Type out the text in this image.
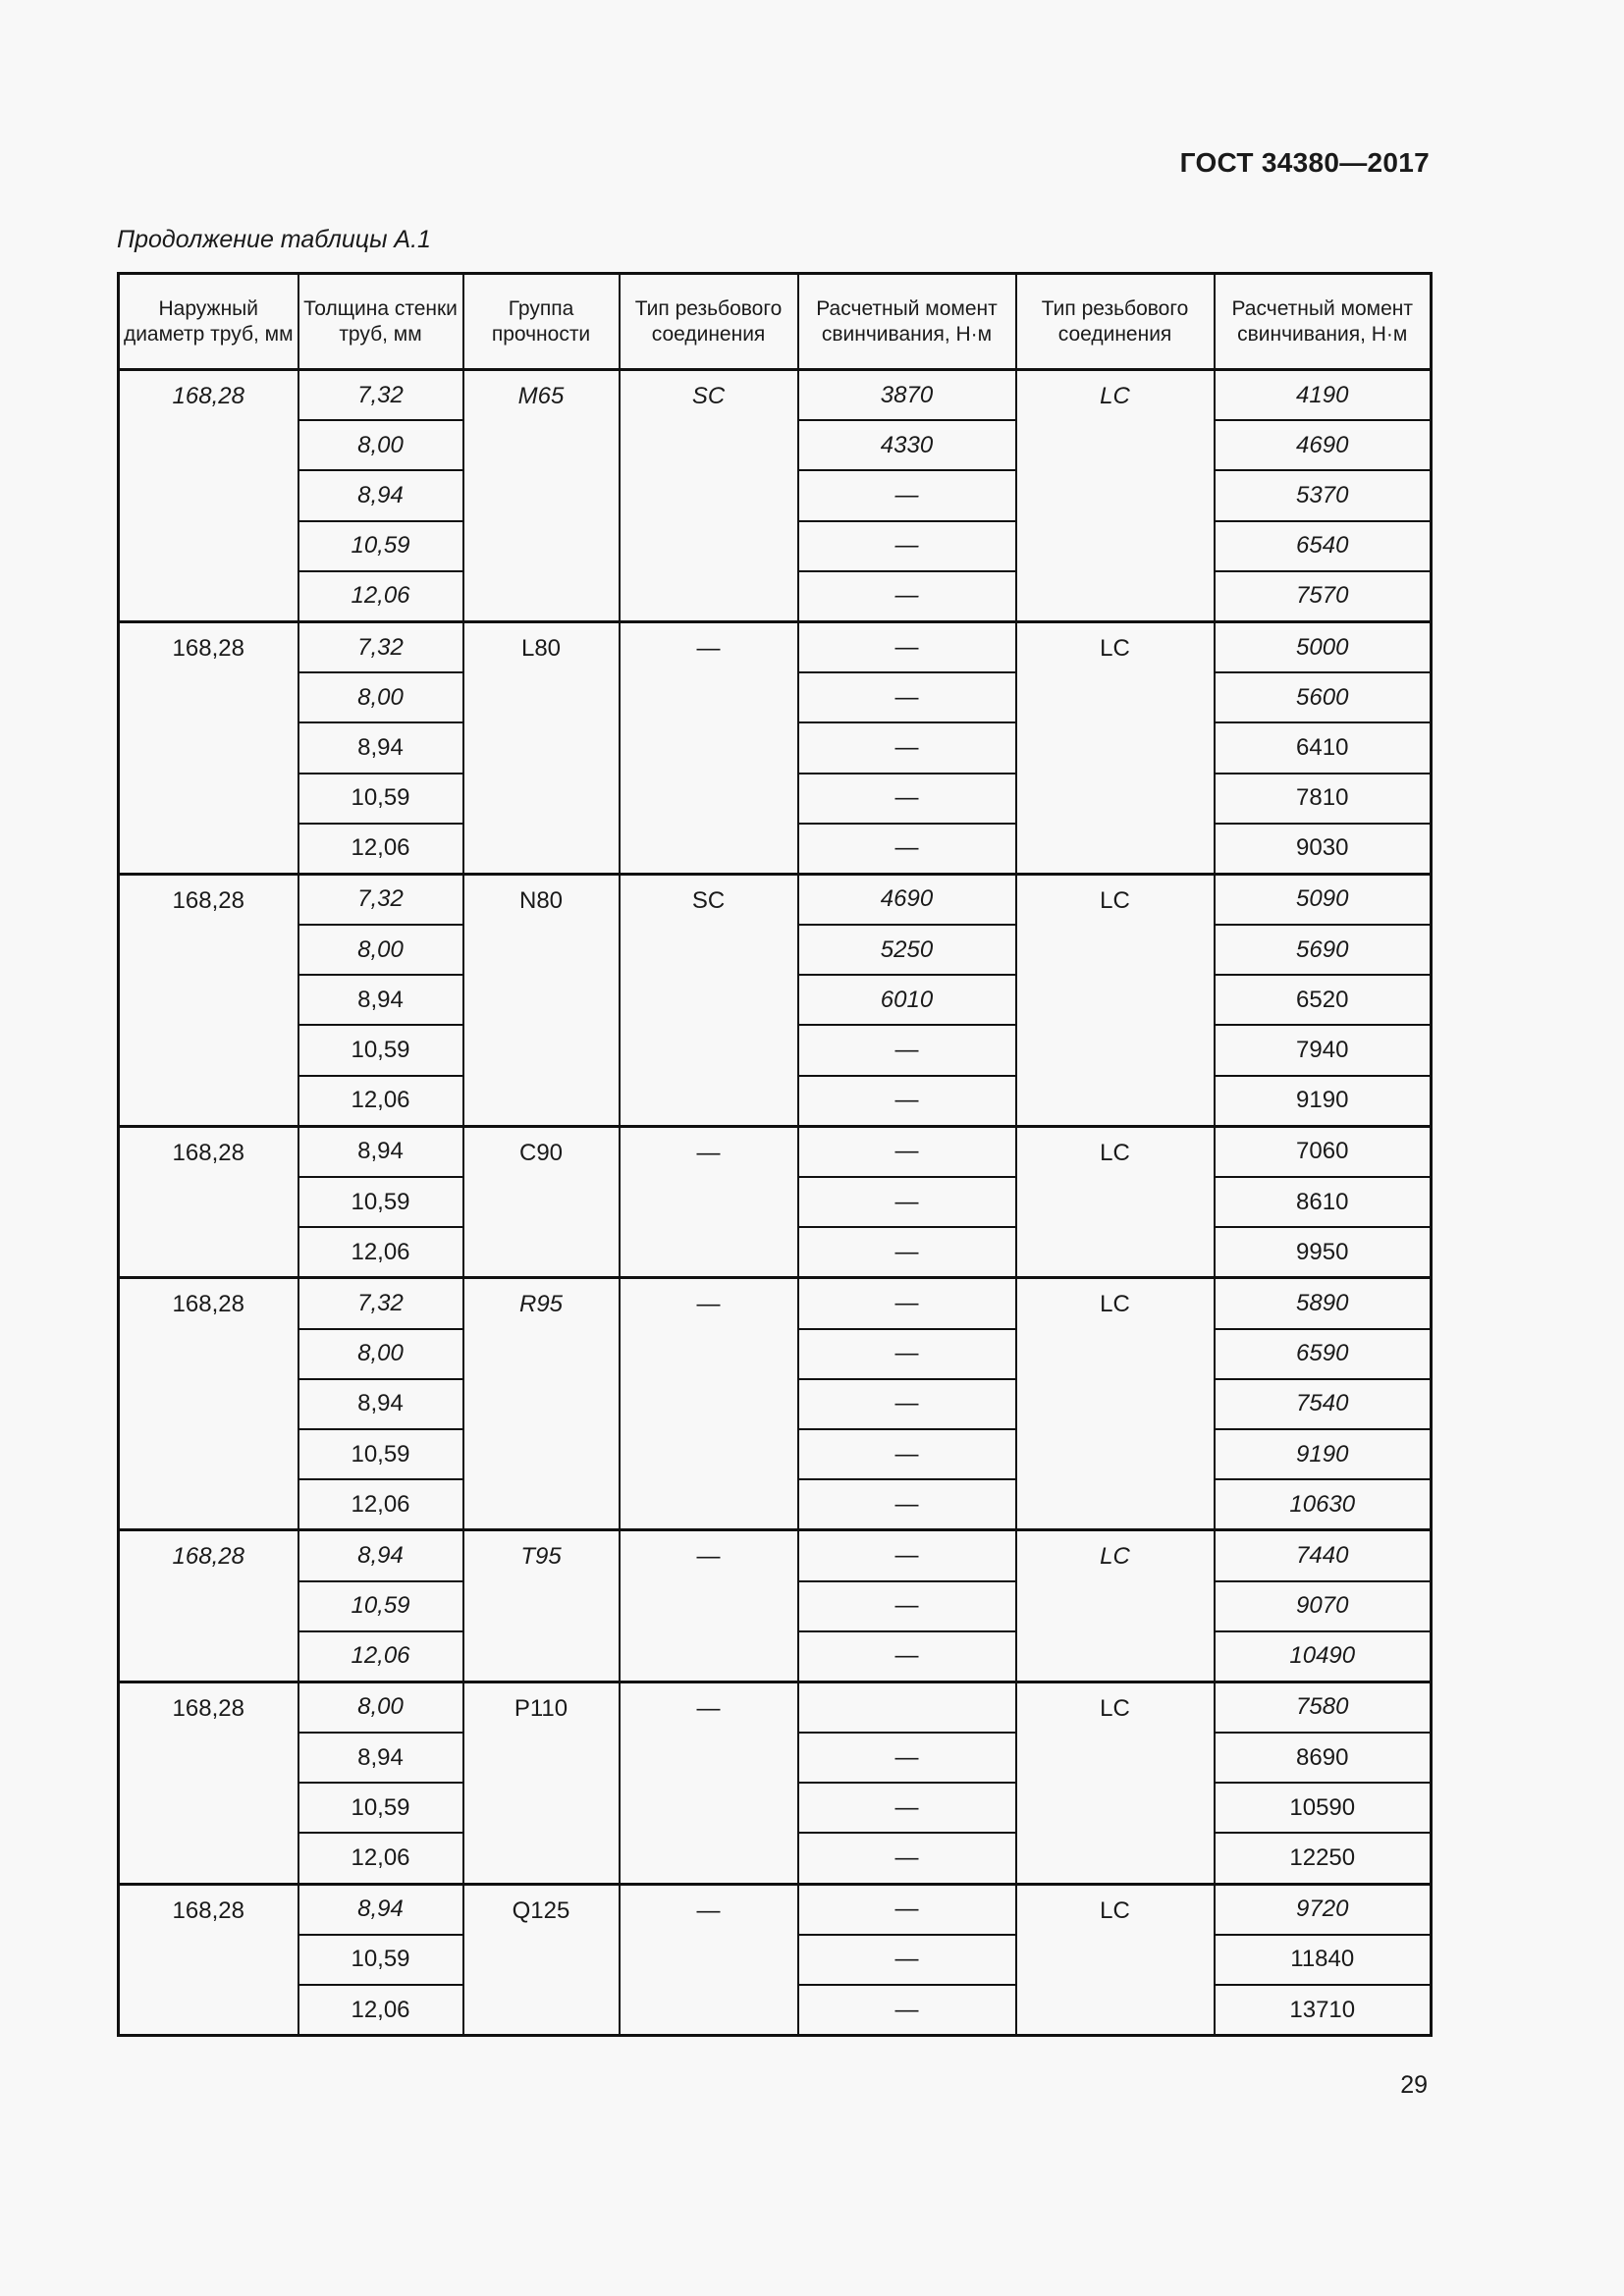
ГОСТ 34380—2017
Продолжение таблицы А.1
Наружный диаметр труб, мм	Толщина стенки труб, мм	Группа прочности	Тип резьбового соединения	Расчетный момент свинчивания, Н·м	Тип резьбового соединения	Расчетный момент свинчивания, Н·м
168,28	7,32	М65	SC	3870	LC	4190
	8,00			4330		4690
	8,94			—		5370
	10,59			—		6540
	12,06			—		7570
168,28	7,32	L80	—	—	LC	5000
	8,00			—		5600
	8,94			—		6410
	10,59			—		7810
	12,06			—		9030
168,28	7,32	N80	SC	4690	LC	5090
	8,00			5250		5690
	8,94			6010		6520
	10,59			—		7940
	12,06			—		9190
168,28	8,94	С90	—	—	LC	7060
	10,59			—		8610
	12,06			—		9950
168,28	7,32	R95	—	—	LC	5890
	8,00			—		6590
	8,94			—		7540
	10,59			—		9190
	12,06			—		10630
168,28	8,94	Т95	—	—	LC	7440
	10,59			—		9070
	12,06			—		10490
168,28	8,00	P110	—		LC	7580
	8,94			—		8690
	10,59			—		10590
	12,06			—		12250
168,28	8,94	Q125	—	—	LC	9720
	10,59			—		11840
	12,06			—		13710
29
